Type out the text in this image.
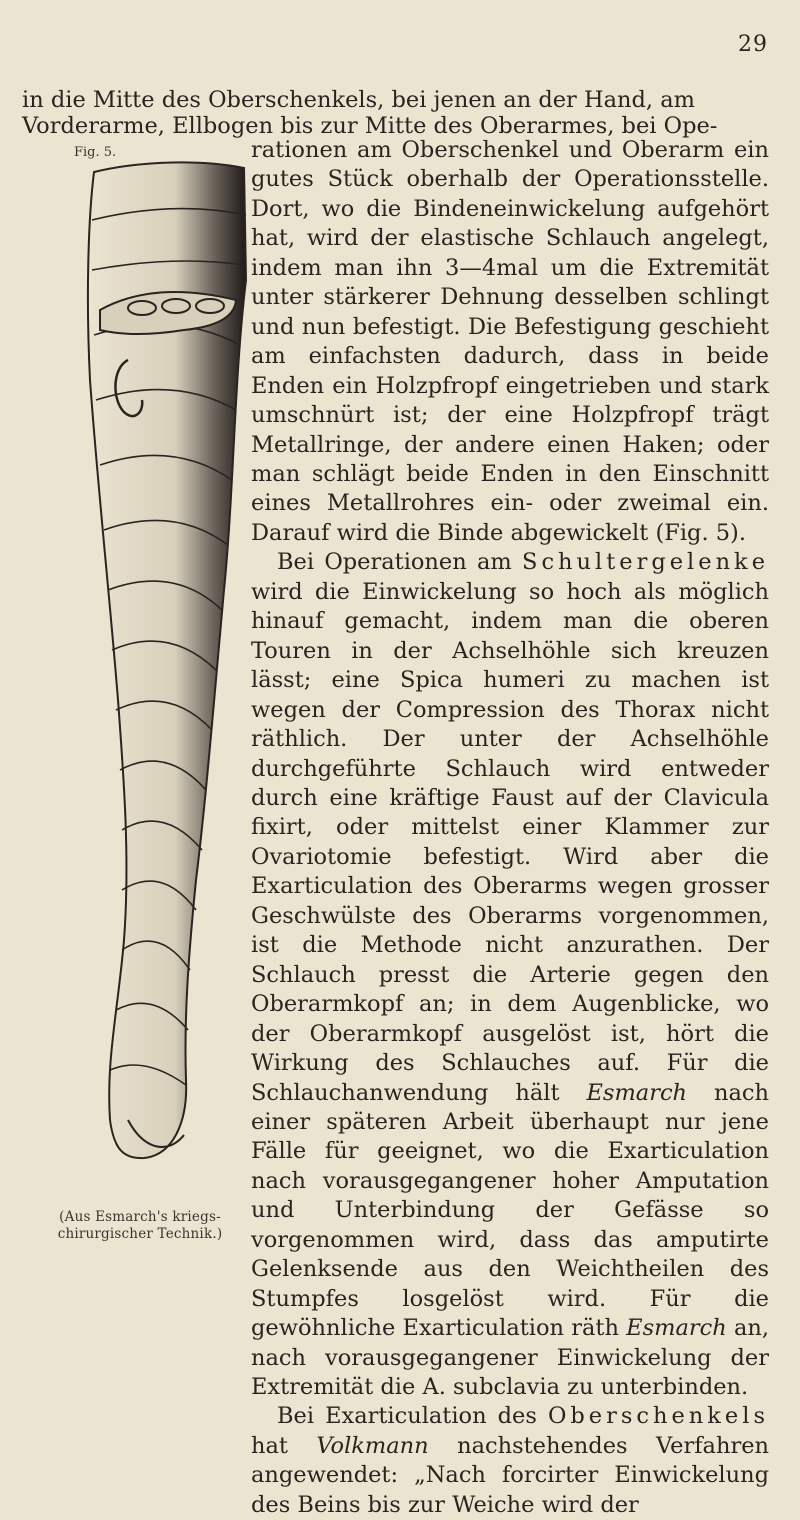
29
in die Mitte des Oberschenkels, bei jenen an der Hand, am
Vorderarme, Ellbogen bis zur Mitte des Oberarmes, bei Ope-
Fig. 5.
(Aus Esmarch's kriegs-
chirurgischer Technik.)

rationen am Oberschenkel und Oberarm ein gutes Stück oberhalb der Operationsstelle. Dort, wo die Bindeneinwickelung aufgehört hat, wird der elastische Schlauch angelegt, indem man ihn 3—4mal um die Extremität unter stärkerer Dehnung desselben schlingt und nun befestigt. Die Befestigung geschieht am einfachsten dadurch, dass in beide Enden ein Holzpfropf eingetrieben und stark umschnürt ist; der eine Holzpfropf trägt Metallringe, der andere einen Haken; oder man schlägt beide Enden in den Einschnitt eines Metallrohres ein- oder zweimal ein. Darauf wird die Binde abgewickelt (Fig. 5).

Bei Operationen am Schultergelenke wird die Einwickelung so hoch als möglich hinauf gemacht, indem man die oberen Touren in der Achselhöhle sich kreuzen lässt; eine Spica humeri zu machen ist wegen der Compression des Thorax nicht räthlich. Der unter der Achselhöhle durchgeführte Schlauch wird entweder durch eine kräftige Faust auf der Clavicula fixirt, oder mittelst einer Klammer zur Ovariotomie befestigt. Wird aber die Exarticulation des Oberarms wegen grosser Geschwülste des Oberarms vorgenommen, ist die Methode nicht anzurathen. Der Schlauch presst die Arterie gegen den Oberarmkopf an; in dem Augenblicke, wo der Oberarmkopf ausgelöst ist, hört die Wirkung des Schlauches auf. Für die Schlauchanwendung hält Esmarch nach einer späteren Arbeit überhaupt nur jene Fälle für geeignet, wo die Exarticulation nach vorausgegangener hoher Amputation und Unterbindung der Gefässe so vorgenommen wird, dass das amputirte Gelenksende aus den Weichtheilen des Stumpfes losgelöst wird. Für die gewöhnliche Exarticulation räth Esmarch an, nach vorausgegangener Einwickelung der Extremität die A. subclavia zu unterbinden.

Bei Exarticulation des Oberschenkels hat Volkmann nachstehendes Verfahren angewendet: „Nach forcirter Einwickelung des Beins bis zur Weiche wird der
